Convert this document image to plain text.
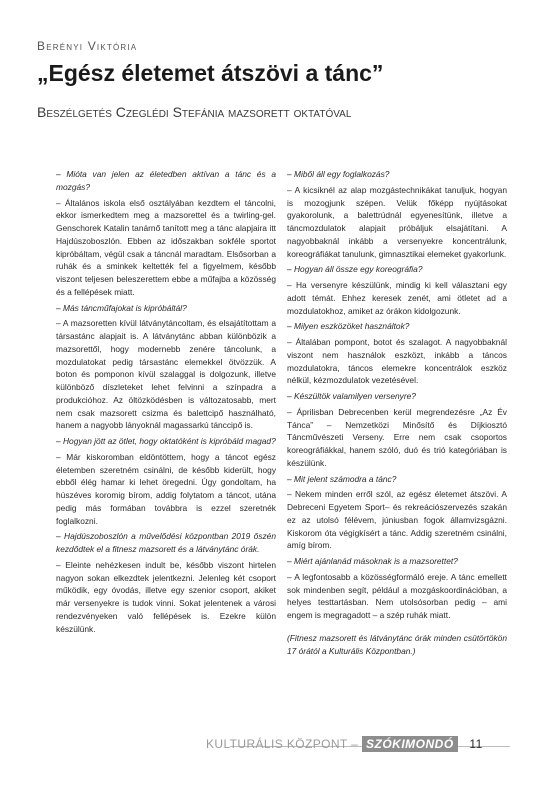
Berényi Viktória
„Egész életemet átszövi a tánc”
Beszélgetés Czeglédi Stefánia mazsorett oktatóval

– Mióta van jelen az életedben aktívan a tánc és a mozgás?

– Általános iskola első osztályában kezdtem el táncolni, ekkor ismerkedtem meg a mazsorettel és a twirling-gel. Genschorek Katalin tanárnő tanított meg a tánc alapjaira itt Hajdúszoboszlón. Ebben az időszakban sokféle sportot kipróbáltam, végül csak a táncnál maradtam. Elsősorban a ruhák és a sminkek keltették fel a figyelmem, később viszont teljesen beleszerettem ebbe a műfajba a közösség és a fellépések miatt.

– Más táncműfajokat is kipróbáltál?

– A mazsoretten kívül látványtáncoltam, és elsajátítottam a társastánc alapjait is. A látványtánc abban különbözik a mazsorettől, hogy modernebb zenére táncolunk, a mozdulatokat pedig társastánc elemekkel ötvözzük. A boton és pomponon kívül szalaggal is dolgozunk, illetve különböző díszleteket lehet felvinni a színpadra a produkcióhoz. Az öltözködésben is változatosabb, mert nem csak mazsorett csizma és balettcipő használható, hanem a nagyobb lányoknál magassarkú tánccipő is.

– Hogyan jött az ötlet, hogy oktatóként is kipróbáld magad?

– Már kiskoromban eldöntöttem, hogy a táncot egész életemben szeretném csinálni, de később kiderült, hogy ebből élég hamar ki lehet öregedni. Úgy gondoltam, ha húszéves koromig bírom, addig folytatom a táncot, utána pedig más formában továbbra is ezzel szeretnék foglalkozni.

– Hajdúszoboszlón a művelődési központban 2019 őszén kezdődtek el a fitnesz mazsorett és a látványtánc órák.

– Eleinte nehézkesen indult be, később viszont hirtelen nagyon sokan elkezdtek jelentkezni. Jelenleg két csoport működik, egy óvodás, illetve egy szenior csoport, akiket már versenyekre is tudok vinni. Sokat jelentenek a városi rendezvényeken való fellépések is. Ezekre külön készülünk.

– Miből áll egy foglalkozás?

– A kicsiknél az alap mozgástechnikákat tanuljuk, hogyan is mozogjunk szépen. Velük főképp nyújtásokat gyakorolunk, a balettrúdnál egyenesítünk, illetve a táncmozdulatok alapjait próbáljuk elsajátítani. A nagyobbaknál inkább a versenyekre koncentrálunk, koreográfiákat tanulunk, gimnasztikai elemeket gyakorlunk.

– Hogyan áll össze egy koreográfia?

– Ha versenyre készülünk, mindig ki kell választani egy adott témát. Ehhez keresek zenét, ami ötletet ad a mozdulatokhoz, amiket az órákon kidolgozunk.

– Milyen eszközöket használtok?

– Általában pompont, botot és szalagot. A nagyobbaknál viszont nem használok eszközt, inkább a táncos mozdulatokra, táncos elemekre koncentrálok eszköz nélkül, kézmozdulatok vezetésével.

– Készültök valamilyen versenyre?

– Áprilisban Debrecenben kerül megrendezésre „Az Év Tánca” – Nemzetközi Minősítő és Díjkiosztó Táncművészeti Verseny. Erre nem csak csoportos koreográfiákkal, hanem szóló, duó és trió kategóriában is készülünk.

– Mit jelent számodra a tánc?

– Nekem minden erről szól, az egész életemet átszövi. A Debreceni Egyetem Sport– és rekreációszervezés szakán ez az utolsó félévem, júniusban fogok államvizsgázni. Kiskorom óta végigkísért a tánc. Addig szeretném csinálni, amíg bírom.

– Miért ajánlanád másoknak is a mazsorettet?

– A legfontosabb a közösségformáló ereje. A tánc emellett sok mindenben segít, például a mozgáskoordinációban, a helyes testtartásban. Nem utolsósorban pedig – ami engem is megragadott – a szép ruhák miatt.

(Fitnesz mazsorett és látványtánc órák minden csütörtökön 17 órától a Kulturális Központban.)

KULTURÁLIS KÖZPONT – SZÓKIMONDÓ 11
